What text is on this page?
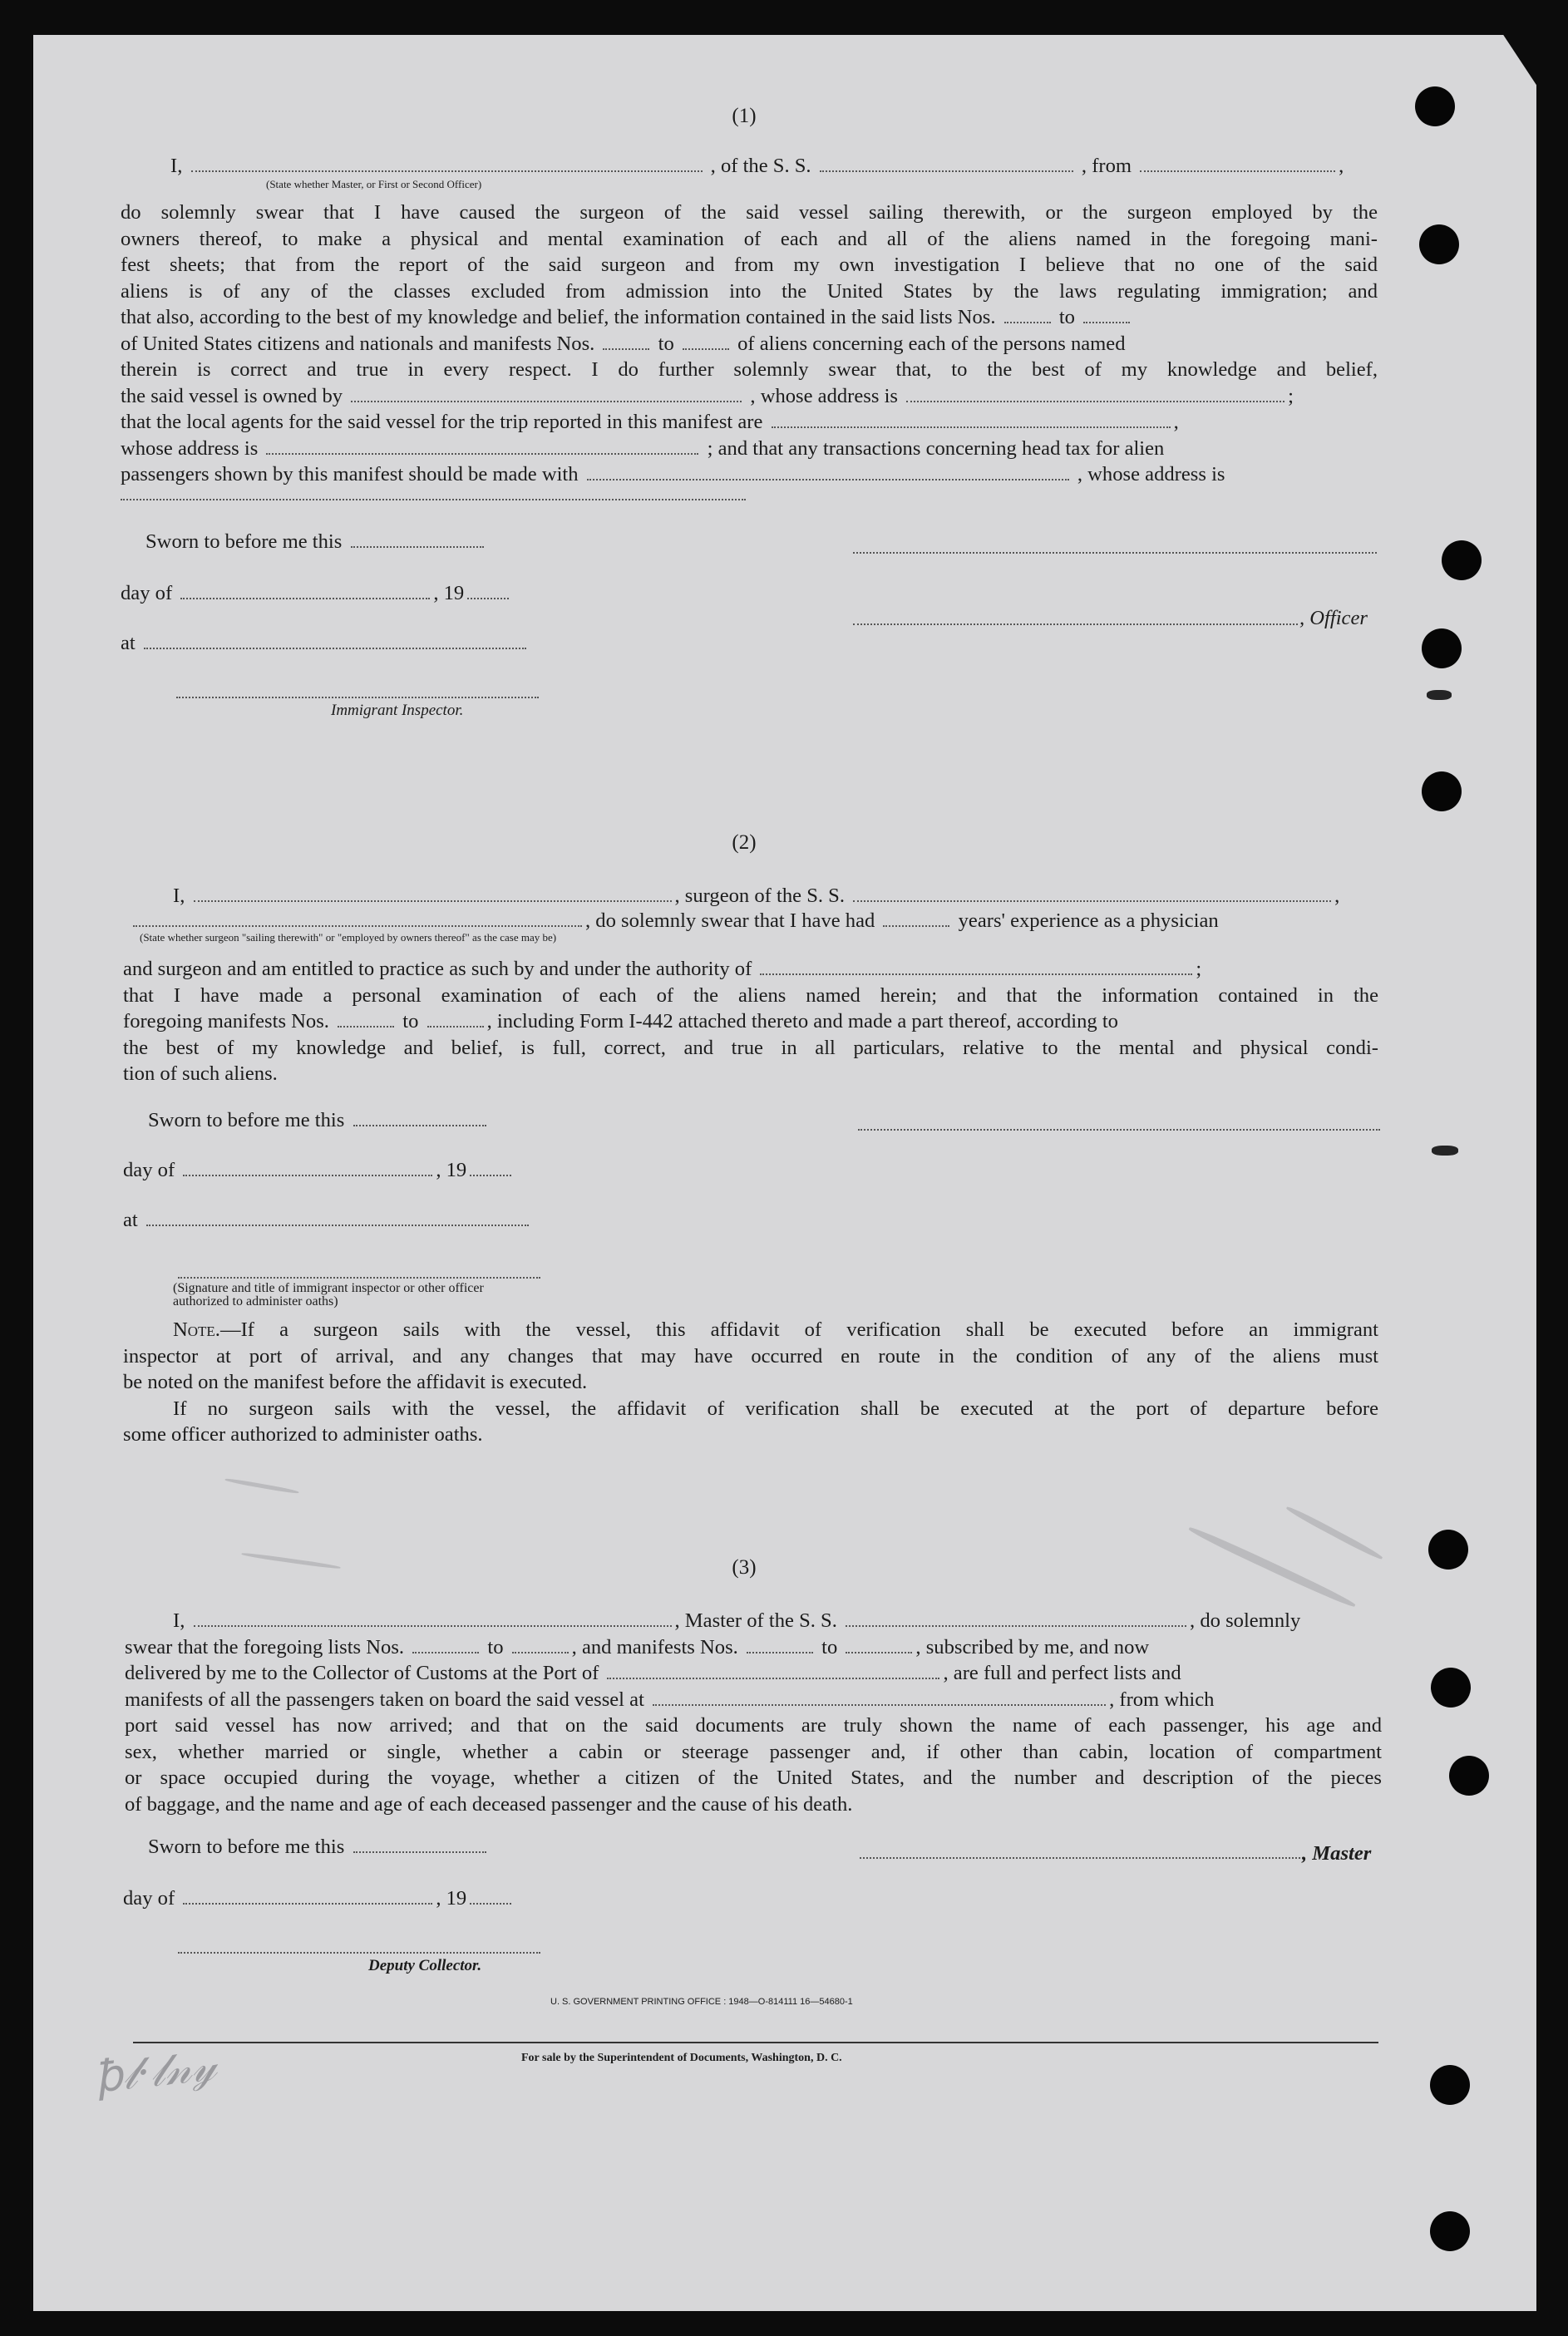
ꝥ𝓁·𝓁𝓃𝓎
(1)
I,	, of the S. S.	, from	,
(State whether Master, or First or Second Officer)
do solemnly swear that I have caused the surgeon of the said vessel sailing therewith, or the surgeon employed by the
owners thereof, to make a physical and mental examination of each and all of the aliens named in the foregoing mani-
fest sheets; that from the report of the said surgeon and from my own investigation I believe that no one of the said
aliens is of any of the classes excluded from admission into the United States by the laws regulating immigration; and
that also, according to the best of my knowledge and belief, the information contained in the said lists Nos.	to
of United States citizens and nationals and manifests Nos.	to	of aliens concerning each of the persons named
therein is correct and true in every respect. I do further solemnly swear that, to the best of my knowledge and belief,
the said vessel is owned by	, whose address is	;
that the local agents for the said vessel for the trip reported in this manifest are	,
whose address is	; and that any transactions concerning head tax for alien
passengers shown by this manifest should be made with	, whose address is
Sworn to before me this
day of	, 19
, Officer
at
Immigrant Inspector.
(2)
I,	, surgeon of the S. S.	,
, do solemnly swear that I have had	years' experience as a physician
(State whether surgeon "sailing therewith" or "employed by owners thereof" as the case may be)
and surgeon and am entitled to practice as such by and under the authority of	;
that I have made a personal examination of each of the aliens named herein; and that the information contained in the
foregoing manifests Nos.	to	, including Form I-442 attached thereto and made a part thereof, according to
the best of my knowledge and belief, is full, correct, and true in all particulars, relative to the mental and physical condi-
tion of such aliens.
Sworn to before me this
day of	, 19
at
(Signature and title of immigrant inspector or other officer authorized to administer oaths)
Note.—If a surgeon sails with the vessel, this affidavit of verification shall be executed before an immigrant
inspector at port of arrival, and any changes that may have occurred en route in the condition of any of the aliens must
be noted on the manifest before the affidavit is executed.
If no surgeon sails with the vessel, the affidavit of verification shall be executed at the port of departure before
some officer authorized to administer oaths.
(3)
I,	, Master of the S. S.	, do solemnly
swear that the foregoing lists Nos.	to	, and manifests Nos.	to	, subscribed by me, and now
delivered by me to the Collector of Customs at the Port of	, are full and perfect lists and
manifests of all the passengers taken on board the said vessel at	, from which
port said vessel has now arrived; and that on the said documents are truly shown the name of each passenger, his age and
sex, whether married or single, whether a cabin or steerage passenger and, if other than cabin, location of compartment
or space occupied during the voyage, whether a citizen of the United States, and the number and description of the pieces
of baggage, and the name and age of each deceased passenger and the cause of his death.
Sworn to before me this	, Master
day of	, 19
Deputy Collector.
U. S. GOVERNMENT PRINTING OFFICE : 1948—O-814111 16—54680-1
For sale by the Superintendent of Documents, Washington, D. C.
